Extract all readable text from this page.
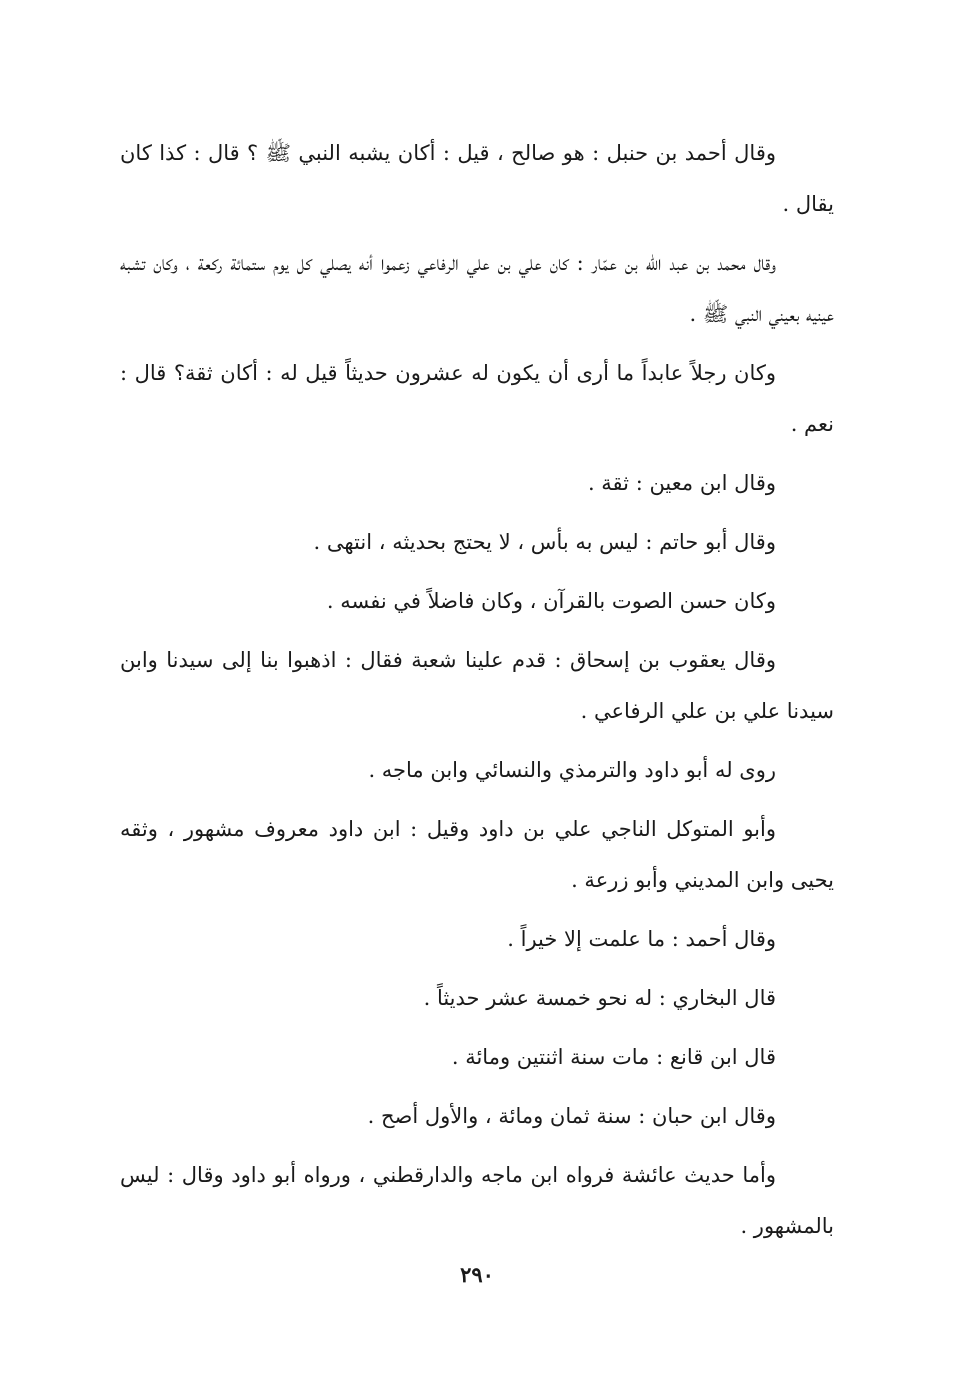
وقال أحمد بن حنبل : هو صالح ، قيل : أكان يشبه النبي ﷺ ؟ قال : كذا كان يقال .

وقال محمد بن عبد اللّه بن عمّار : كان علي بن علي الرفاعي زعموا أنه يصلي كل يوم ستمائة ركعة ، وكان تشبه عينيه بعيني النبي ﷺ .

وكان رجلاً عابداً ما أرى أن يكون له عشرون حديثاً قيل له : أكان ثقة؟ قال : نعم .

وقال ابن معين : ثقة .

وقال أبو حاتم : ليس به بأس ، لا يحتج بحديثه ، انتهى .

وكان حسن الصوت بالقرآن ، وكان فاضلاً في نفسه .

وقال يعقوب بن إسحاق : قدم علينا شعبة فقال : اذهبوا بنا إلى سيدنا وابن سيدنا علي بن علي الرفاعي .

روى له أبو داود والترمذي والنسائي وابن ماجه .

وأبو المتوكل الناجي علي بن داود وقيل : ابن داود معروف مشهور ، وثقه يحيى وابن المديني وأبو زرعة .

وقال أحمد : ما علمت إلا خيراً .

قال البخاري : له نحو خمسة عشر حديثاً .

قال ابن قانع : مات سنة اثنتين ومائة .

وقال ابن حبان : سنة ثمان ومائة ، والأول أصح .

وأما حديث عائشة فرواه ابن ماجه والدارقطني ، ورواه أبو داود وقال : ليس بالمشهور .

٢٩٠
